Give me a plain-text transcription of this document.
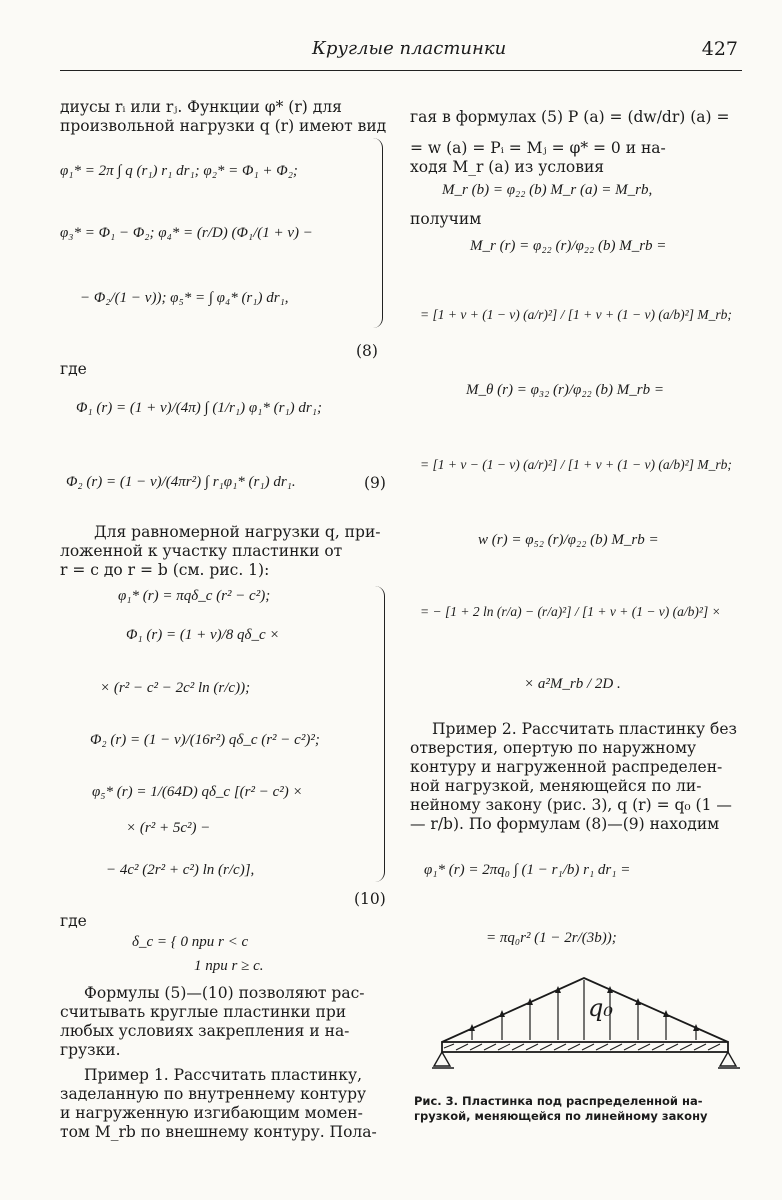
Круглые пластинки	427
диусы rᵢ или rⱼ. Функции φ* (r) для
произвольной нагрузки q (r) имеют вид
φ₁* = 2π ∫ q (r₁) r₁ dr₁; φ₂* = Φ₁ + Φ₂;
φ₃* = Φ₁ − Φ₂; φ₄* = (r/D) (Φ₁/(1 + ν) −
− Φ₂/(1 − ν)); φ₅* = ∫ φ₄* (r₁) dr₁,
(8)
где
Φ₁ (r) = (1 + ν)/(4π) ∫ (1/r₁) φ₁* (r₁) dr₁;
Φ₂ (r) = (1 − ν)/(4πr²) ∫ r₁φ₁* (r₁) dr₁.	(9)
Для равномерной нагрузки q, при-
ложенной к участку пластинки от
r = c до r = b (см. рис. 1):
φ₁* (r) = πqδ_c (r² − c²);
Φ₁ (r) = (1 + ν)/8 qδ_c ×
× (r² − c² − 2c² ln (r/c));
Φ₂ (r) = (1 − ν)/(16r²) qδ_c (r² − c²)²;
φ₅* (r) = 1/(64D) qδ_c [(r² − c²) ×
× (r² + 5c²) −
− 4c² (2r² + c²) ln (r/c)],
(10)
где
δ_c = { 0 при r < c
1 при r ≥ c.
Формулы (5)—(10) позволяют рас-
считывать круглые пластинки при
любых условиях закрепления и на-
грузки.
Пример 1. Рассчитать пластинку,
заделанную по внутреннему контуру
и нагруженную изгибающим момен-
том M_rb по внешнему контуру. Пола-
гая в формулах (5) P (a) = (dw/dr) (a) =
= w (a) = Pᵢ = Mⱼ = φ* = 0 и на-
ходя M_r (a) из условия
M_r (b) = φ₂₂ (b) M_r (a) = M_rb,
получим
M_r (r) = φ₂₂ (r)/φ₂₂ (b) M_rb =
= [1 + ν + (1 − ν) (a/r)²] / [1 + ν + (1 − ν) (a/b)²] M_rb;
M_θ (r) = φ₃₂ (r)/φ₂₂ (b) M_rb =
= [1 + ν − (1 − ν) (a/r)²] / [1 + ν + (1 − ν) (a/b)²] M_rb;
w (r) = φ₅₂ (r)/φ₂₂ (b) M_rb =
= − [1 + 2 ln (r/a) − (r/a)²] / [1 + ν + (1 − ν) (a/b)²] ×
× a²M_rb / 2D .
Пример 2. Рассчитать пластинку без
отверстия, опертую по наружному
контуру и нагруженной распределен-
ной нагрузкой, меняющейся по ли-
нейному закону (рис. 3), q (r) = q₀ (1 —
— r/b). По формулам (8)—(9) находим
φ₁* (r) = 2πq₀ ∫ (1 − r₁/b) r₁ dr₁ =
= πq₀r² (1 − 2r/(3b));
q₀
Рис. 3. Пластинка под распределенной на-
грузкой, меняющейся по линейному закону
